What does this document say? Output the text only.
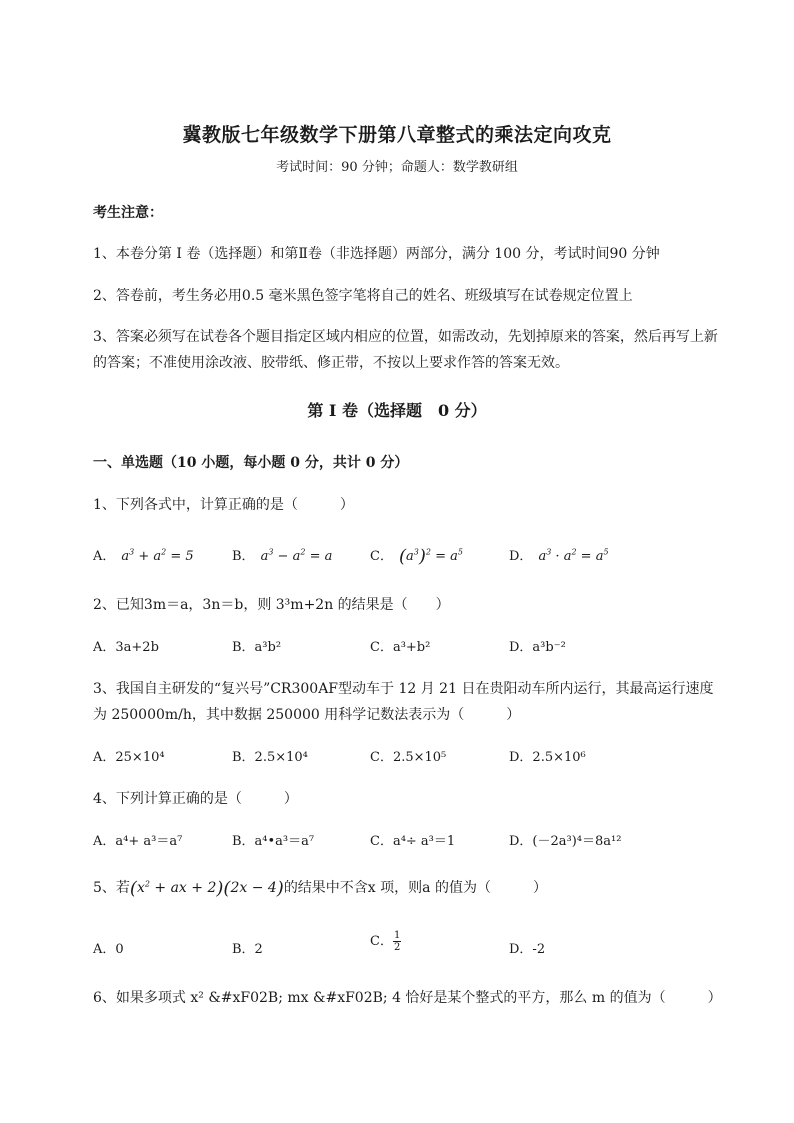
冀教版七年级数学下册第八章整式的乘法定向攻克
考试时间：90 分钟；命题人：数学教研组
考生注意：
1、本卷分第 I 卷（选择题）和第Ⅱ卷（非选择题）两部分，满分 100 分，考试时间90 分钟
2、答卷前，考生务必用0.5 毫米黑色签字笔将自己的姓名、班级填写在试卷规定位置上
3、答案必须写在试卷各个题目指定区域内相应的位置，如需改动，先划掉原来的答案，然后再写上新
的答案；不准使用涂改液、胶带纸、修正带，不按以上要求作答的答案无效。
第 I 卷（选择题　0 分）
一、单选题（10 小题，每小题 0 分，共计 0 分）
1、下列各式中，计算正确的是（　　　）
A． $a^3 + a^2 = 5$	B． $a^3 - a^2 = a$	C． $(a^3)^2 = a^5$	D． $a^3 \cdot a^2 = a^5$
2、已知3m＝a，3n＝b，则 3³m+2n 的结果是（　　）
A．3a+2b	B．a³b²	C．a³+b²	D．a³b⁻²
3、我国自主研发的“复兴号”CR300AF型动车于 12 月 21 日在贵阳动车所内运行，其最高运行速度
为 250000m/h，其中数据 250000 用科学记数法表示为（　　　）
A．25×10⁴	B．2.5×10⁴	C．2.5×10⁵	D．2.5×10⁶
4、下列计算正确的是（　　　）
A．a⁴+ a³＝a⁷	B．a⁴•a³＝a⁷	C．a⁴÷ a³＝1	D．(－2a³)⁴＝8a¹²
5、若($x^2$ + ax + 2)(2x − 4)的结果中不含x 项，则a 的值为（　　　）
A．0	B．2
C． $\frac{1}{2}$	D．-2
6、如果多项式 x² &#xF02B; mx &#xF02B; 4 恰好是某个整式的平方，那么 m 的值为（　　　）
